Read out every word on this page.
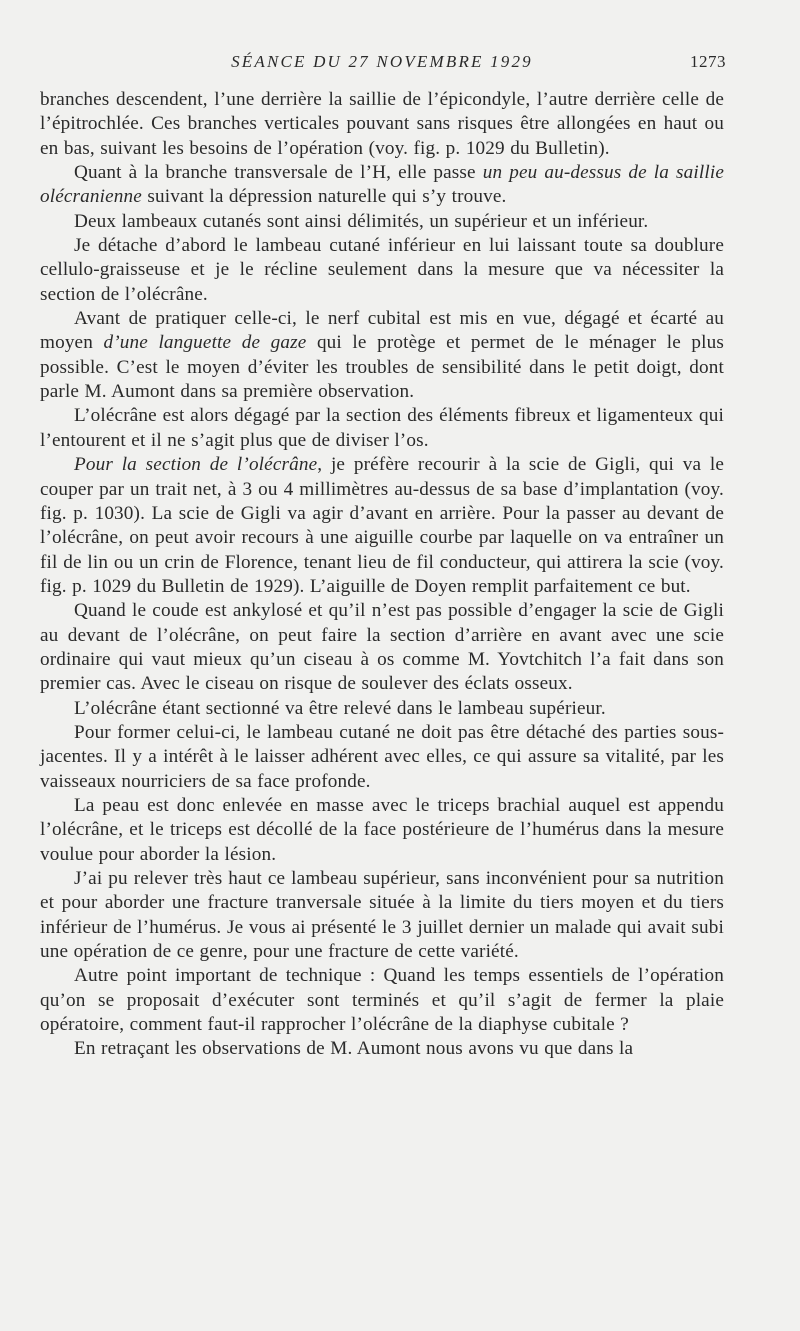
SÉANCE DU 27 NOVEMBRE 1929	1273

branches descendent, l’une derrière la saillie de l’épicondyle, l’autre derrière celle de l’épitrochlée. Ces branches verticales pouvant sans risques être allongées en haut ou en bas, suivant les besoins de l’opération (voy. fig. p. 1029 du Bulletin).

Quant à la branche transversale de l’H, elle passe un peu au-dessus de la saillie olécranienne suivant la dépression naturelle qui s’y trouve.

Deux lambeaux cutanés sont ainsi délimités, un supérieur et un inférieur.

Je détache d’abord le lambeau cutané inférieur en lui laissant toute sa doublure cellulo-graisseuse et je le récline seulement dans la mesure que va nécessiter la section de l’olécrâne.

Avant de pratiquer celle-ci, le nerf cubital est mis en vue, dégagé et écarté au moyen d’une languette de gaze qui le protège et permet de le ménager le plus possible. C’est le moyen d’éviter les troubles de sensibilité dans le petit doigt, dont parle M. Aumont dans sa première observation.

L’olécrâne est alors dégagé par la section des éléments fibreux et ligamenteux qui l’entourent et il ne s’agit plus que de diviser l’os.

Pour la section de l’olécrâne, je préfère recourir à la scie de Gigli, qui va le couper par un trait net, à 3 ou 4 millimètres au-dessus de sa base d’implantation (voy. fig. p. 1030). La scie de Gigli va agir d’avant en arrière. Pour la passer au devant de l’olécrâne, on peut avoir recours à une aiguille courbe par laquelle on va entraîner un fil de lin ou un crin de Florence, tenant lieu de fil conducteur, qui attirera la scie (voy. fig. p. 1029 du Bulletin de 1929). L’aiguille de Doyen remplit parfaitement ce but.

Quand le coude est ankylosé et qu’il n’est pas possible d’engager la scie de Gigli au devant de l’olécrâne, on peut faire la section d’arrière en avant avec une scie ordinaire qui vaut mieux qu’un ciseau à os comme M. Yovtchitch l’a fait dans son premier cas. Avec le ciseau on risque de soulever des éclats osseux.

L’olécrâne étant sectionné va être relevé dans le lambeau supérieur.

Pour former celui-ci, le lambeau cutané ne doit pas être détaché des parties sous-jacentes. Il y a intérêt à le laisser adhérent avec elles, ce qui assure sa vitalité, par les vaisseaux nourriciers de sa face profonde.

La peau est donc enlevée en masse avec le triceps brachial auquel est appendu l’olécrâne, et le triceps est décollé de la face postérieure de l’humérus dans la mesure voulue pour aborder la lésion.

J’ai pu relever très haut ce lambeau supérieur, sans inconvénient pour sa nutrition et pour aborder une fracture tranversale située à la limite du tiers moyen et du tiers inférieur de l’humérus. Je vous ai présenté le 3 juillet dernier un malade qui avait subi une opération de ce genre, pour une fracture de cette variété.

Autre point important de technique : Quand les temps essentiels de l’opération qu’on se proposait d’exécuter sont terminés et qu’il s’agit de fermer la plaie opératoire, comment faut-il rapprocher l’olécrâne de la diaphyse cubitale ?

En retraçant les observations de M. Aumont nous avons vu que dans la
